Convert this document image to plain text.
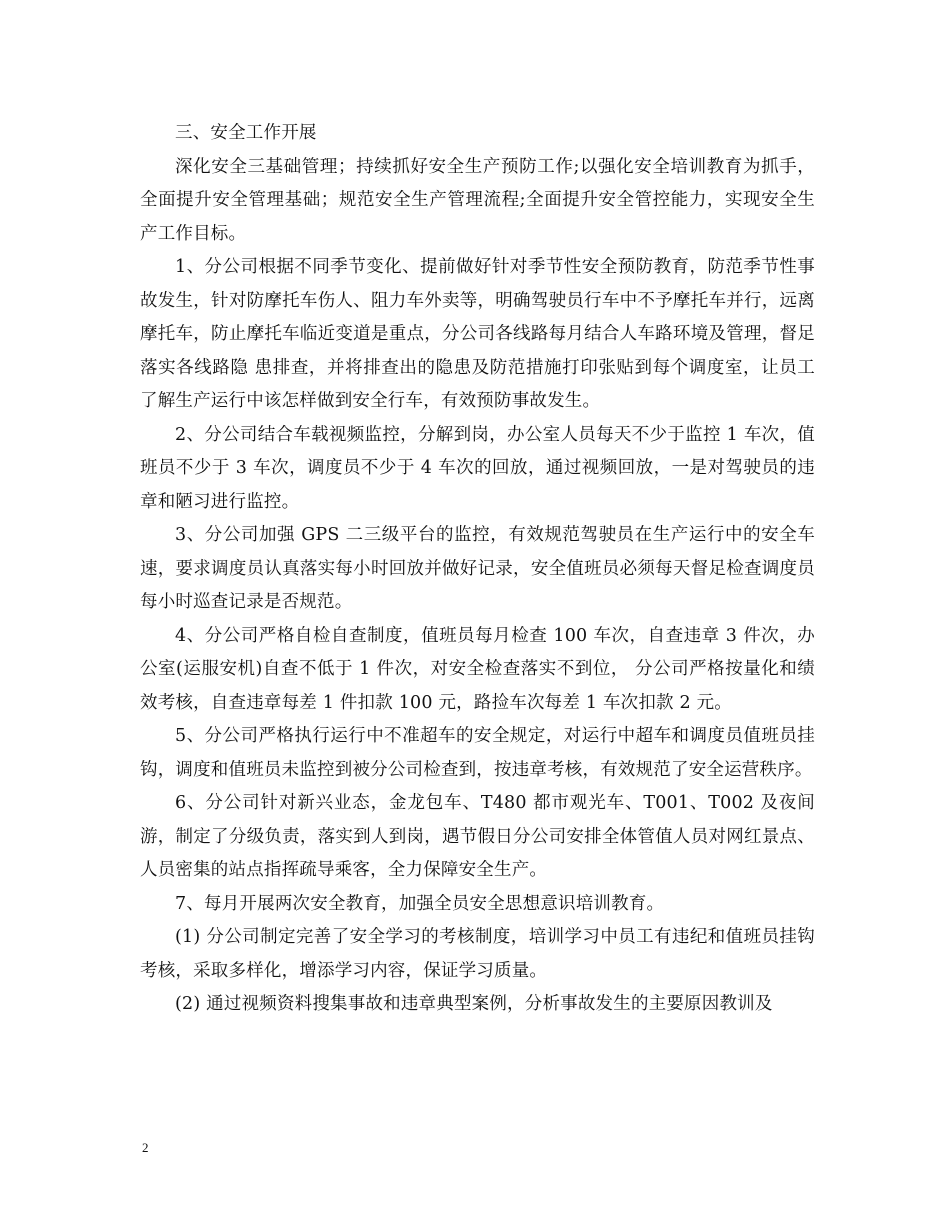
三、安全工作开展

深化安全三基础管理；持续抓好安全生产预防工作;以强化安全培训教育为抓手，全面提升安全管理基础；规范安全生产管理流程;全面提升安全管控能力，实现安全生产工作目标。

1、分公司根据不同季节变化、提前做好针对季节性安全预防教育，防范季节性事故发生，针对防摩托车伤人、阻力车外卖等，明确驾驶员行车中不予摩托车并行，远离摩托车，防止摩托车临近变道是重点，分公司各线路每月结合人车路环境及管理，督足落实各线路隐 患排查，并将排查出的隐患及防范措施打印张贴到每个调度室，让员工了解生产运行中该怎样做到安全行车，有效预防事故发生。

2、分公司结合车载视频监控，分解到岗，办公室人员每天不少于监控 1 车次，值班员不少于 3 车次，调度员不少于 4 车次的回放，通过视频回放，一是对驾驶员的违章和陋习进行监控。

3、分公司加强 GPS 二三级平台的监控，有效规范驾驶员在生产运行中的安全车速，要求调度员认真落实每小时回放并做好记录，安全值班员必须每天督足检查调度员每小时巡查记录是否规范。

4、分公司严格自检自查制度，值班员每月检查 100 车次，自查违章 3 件次，办公室(运服安机)自查不低于 1 件次，对安全检查落实不到位， 分公司严格按量化和绩效考核，自查违章每差 1 件扣款 100 元，路捡车次每差 1 车次扣款 2 元。

5、分公司严格执行运行中不准超车的安全规定，对运行中超车和调度员值班员挂钩，调度和值班员未监控到被分公司检查到，按违章考核，有效规范了安全运营秩序。

6、分公司针对新兴业态，金龙包车、T480 都市观光车、T001、T002 及夜间游，制定了分级负责，落实到人到岗，遇节假日分公司安排全体管值人员对网红景点、人员密集的站点指挥疏导乘客，全力保障安全生产。

7、每月开展两次安全教育，加强全员安全思想意识培训教育。

(1) 分公司制定完善了安全学习的考核制度，培训学习中员工有违纪和值班员挂钩考核，采取多样化，增添学习内容，保证学习质量。

(2) 通过视频资料搜集事故和违章典型案例，分析事故发生的主要原因教训及

2
